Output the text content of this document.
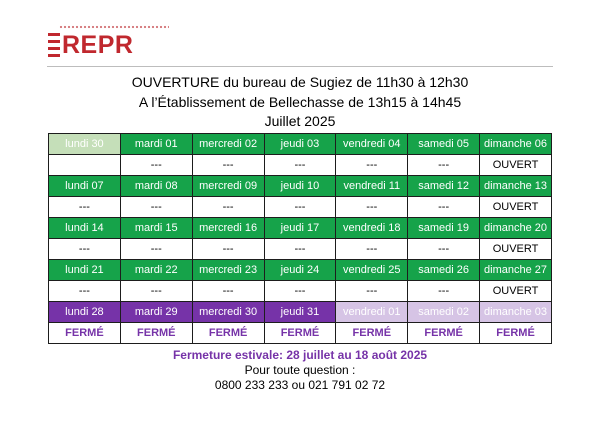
REPR
OUVERTURE du bureau de Sugiez de 11h30 à 12h30
A l’Établissement de Bellechasse de 13h15 à 14h45
Juillet 2025
lundi 30	mardi 01	mercredi 02	jeudi 03	vendredi 04	samedi 05	dimanche 06
	---	---	---	---	---	OUVERT
lundi 07	mardi 08	mercredi 09	jeudi 10	vendredi 11	samedi 12	dimanche 13
---	---	---	---	---	---	OUVERT
lundi 14	mardi 15	mercredi 16	jeudi 17	vendredi 18	samedi 19	dimanche 20
---	---	---	---	---	---	OUVERT
lundi 21	mardi 22	mercredi 23	jeudi 24	vendredi 25	samedi 26	dimanche 27
---	---	---	---	---	---	OUVERT
lundi 28	mardi 29	mercredi 30	jeudi 31	vendredi 01	samedi 02	dimanche 03
FERMÉ	FERMÉ	FERMÉ	FERMÉ	FERMÉ	FERMÉ	FERMÉ
Fermeture estivale: 28 juillet au 18 août 2025
Pour toute question :
0800 233 233 ou 021 791 02 72
